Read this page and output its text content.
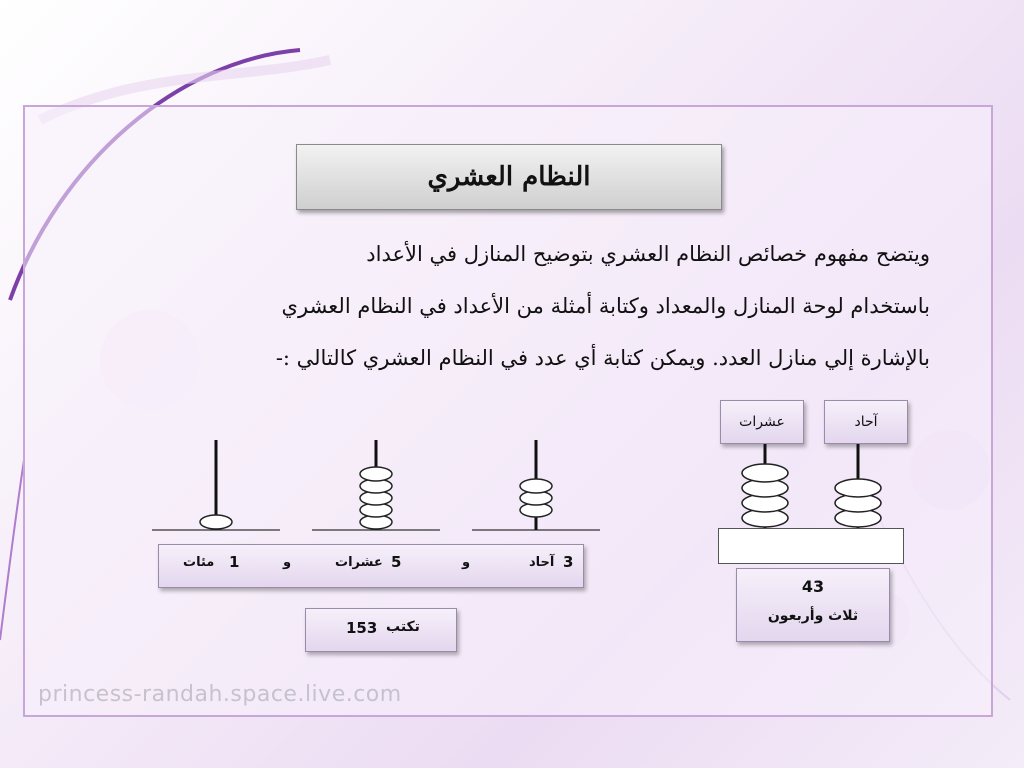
النظام العشري
ويتضح مفهوم خصائص النظام العشري بتوضيح المنازل في الأعداد
باستخدام لوحة المنازل والمعداد وكتابة أمثلة من الأعداد في النظام العشري
بالإشارة إلي منازل العدد. ويمكن كتابة أي عدد في النظام العشري كالتالي :-
عشرات	آحاد
43
ثلاث وأربعون
3
آحاد
و
5
عشرات
و
1
مئات
تكتب
153
princess-randah.space.live.com
